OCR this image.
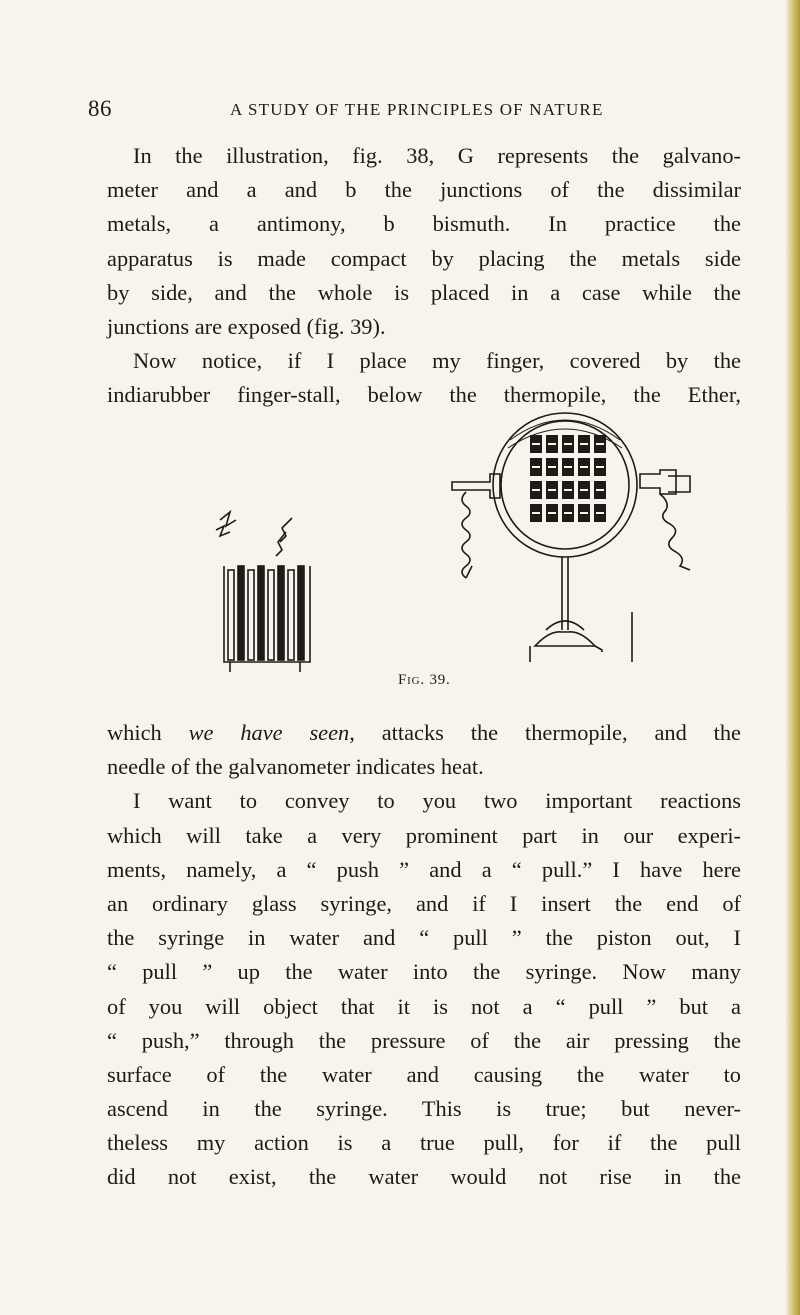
86	A STUDY OF THE PRINCIPLES OF NATURE
In the illustration, fig. 38, G represents the galvano-
meter and a and b the junctions of the dissimilar
metals, a antimony, b bismuth. In practice the
apparatus is made compact by placing the metals side
by side, and the whole is placed in a case while the
junctions are exposed (fig. 39).
Now notice, if I place my finger, covered by the
indiarubber finger-stall, below the thermopile, the Ether,
Fig. 39.
which we have seen, attacks the thermopile, and the
needle of the galvanometer indicates heat.
I want to convey to you two important reactions
which will take a very prominent part in our experi-
ments, namely, a “ push ” and a “ pull.” I have here
an ordinary glass syringe, and if I insert the end of
the syringe in water and “ pull ” the piston out, I
“ pull ” up the water into the syringe. Now many
of you will object that it is not a “ pull ” but a
“ push,” through the pressure of the air pressing the
surface of the water and causing the water to
ascend in the syringe. This is true; but never-
theless my action is a true pull, for if the pull
did not exist, the water would not rise in the
